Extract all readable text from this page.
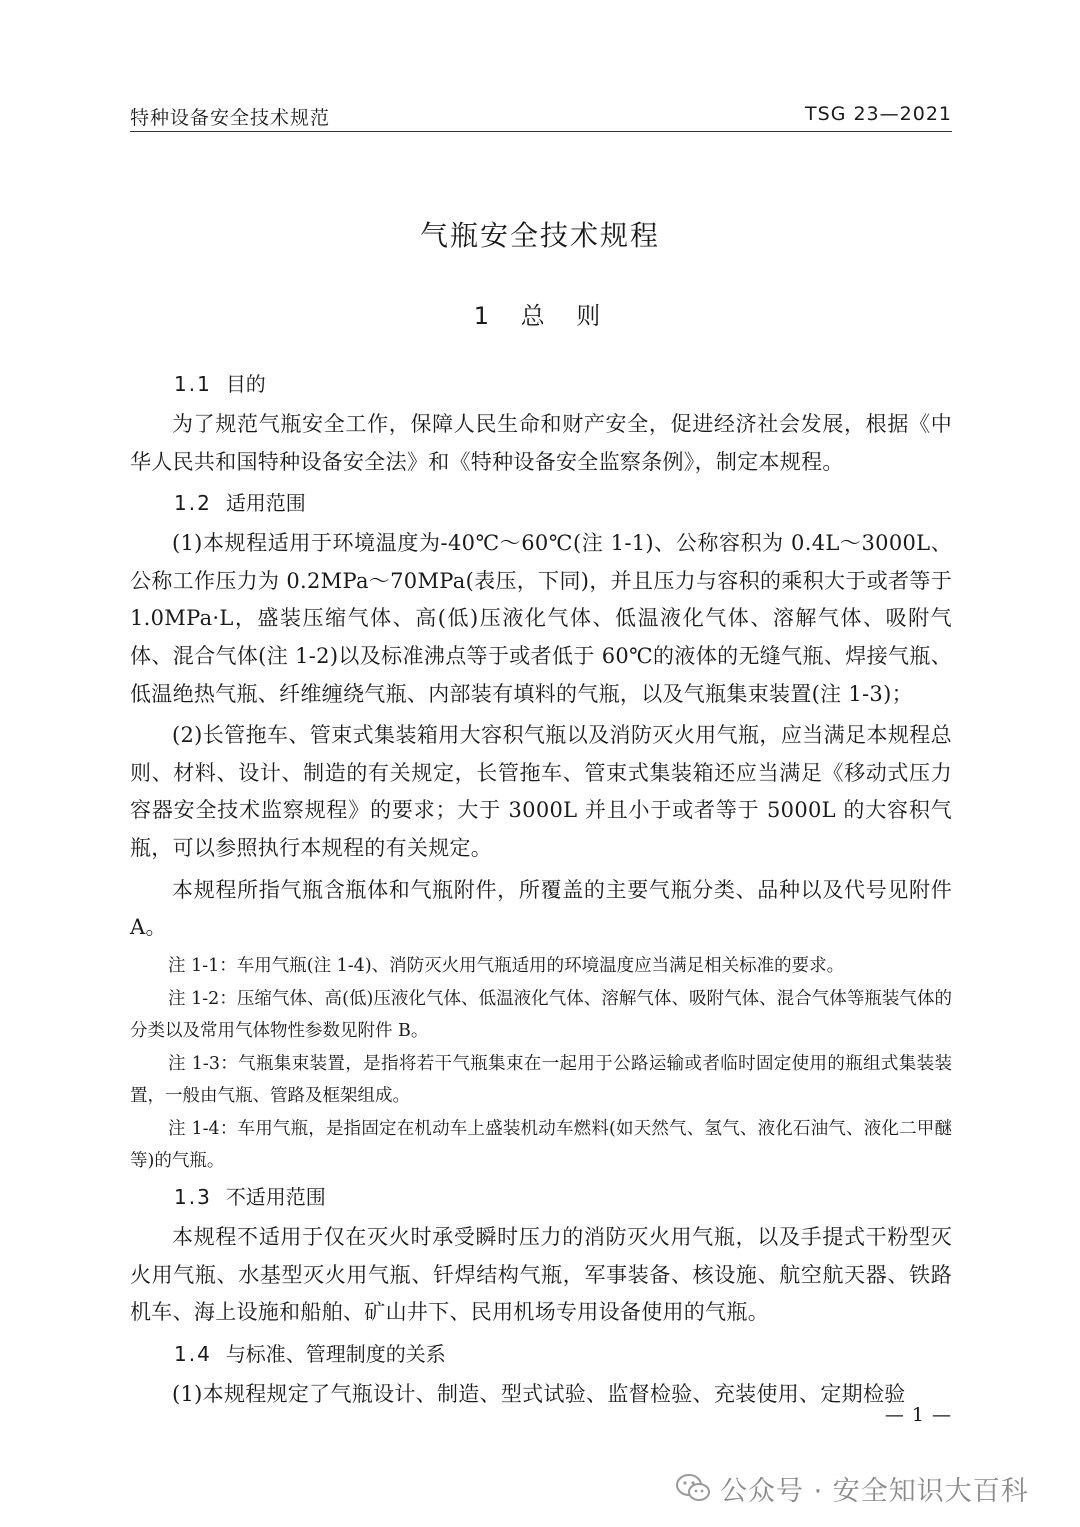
特种设备安全技术规范	TSG 23—2021
气瓶安全技术规程
1 总 则
1.1 目的

为了规范气瓶安全工作，保障人民生命和财产安全，促进经济社会发展，根据《中华人民共和国特种设备安全法》和《特种设备安全监察条例》，制定本规程。

1.2 适用范围

(1)本规程适用于环境温度为-40℃～60℃(注 1-1)、公称容积为 0.4L～3000L、公称工作压力为 0.2MPa～70MPa(表压，下同)，并且压力与容积的乘积大于或者等于 1.0MPa·L，盛装压缩气体、高(低)压液化气体、低温液化气体、溶解气体、吸附气体、混合气体(注 1-2)以及标准沸点等于或者低于 60℃的液体的无缝气瓶、焊接气瓶、低温绝热气瓶、纤维缠绕气瓶、内部装有填料的气瓶，以及气瓶集束装置(注 1-3)；

(2)长管拖车、管束式集装箱用大容积气瓶以及消防灭火用气瓶，应当满足本规程总则、材料、设计、制造的有关规定，长管拖车、管束式集装箱还应当满足《移动式压力容器安全技术监察规程》的要求；大于 3000L 并且小于或者等于 5000L 的大容积气瓶，可以参照执行本规程的有关规定。

本规程所指气瓶含瓶体和气瓶附件，所覆盖的主要气瓶分类、品种以及代号见附件 A。

注 1-1：车用气瓶(注 1-4)、消防灭火用气瓶适用的环境温度应当满足相关标准的要求。

注 1-2：压缩气体、高(低)压液化气体、低温液化气体、溶解气体、吸附气体、混合气体等瓶装气体的分类以及常用气体物性参数见附件 B。

注 1-3：气瓶集束装置，是指将若干气瓶集束在一起用于公路运输或者临时固定使用的瓶组式集装装置，一般由气瓶、管路及框架组成。

注 1-4：车用气瓶，是指固定在机动车上盛装机动车燃料(如天然气、氢气、液化石油气、液化二甲醚等)的气瓶。

1.3 不适用范围

本规程不适用于仅在灭火时承受瞬时压力的消防灭火用气瓶，以及手提式干粉型灭火用气瓶、水基型灭火用气瓶、钎焊结构气瓶，军事装备、核设施、航空航天器、铁路机车、海上设施和船舶、矿山井下、民用机场专用设备使用的气瓶。

1.4 与标准、管理制度的关系

(1)本规程规定了气瓶设计、制造、型式试验、监督检验、充装使用、定期检验

— 1 —
公众号 · 安全知识大百科
